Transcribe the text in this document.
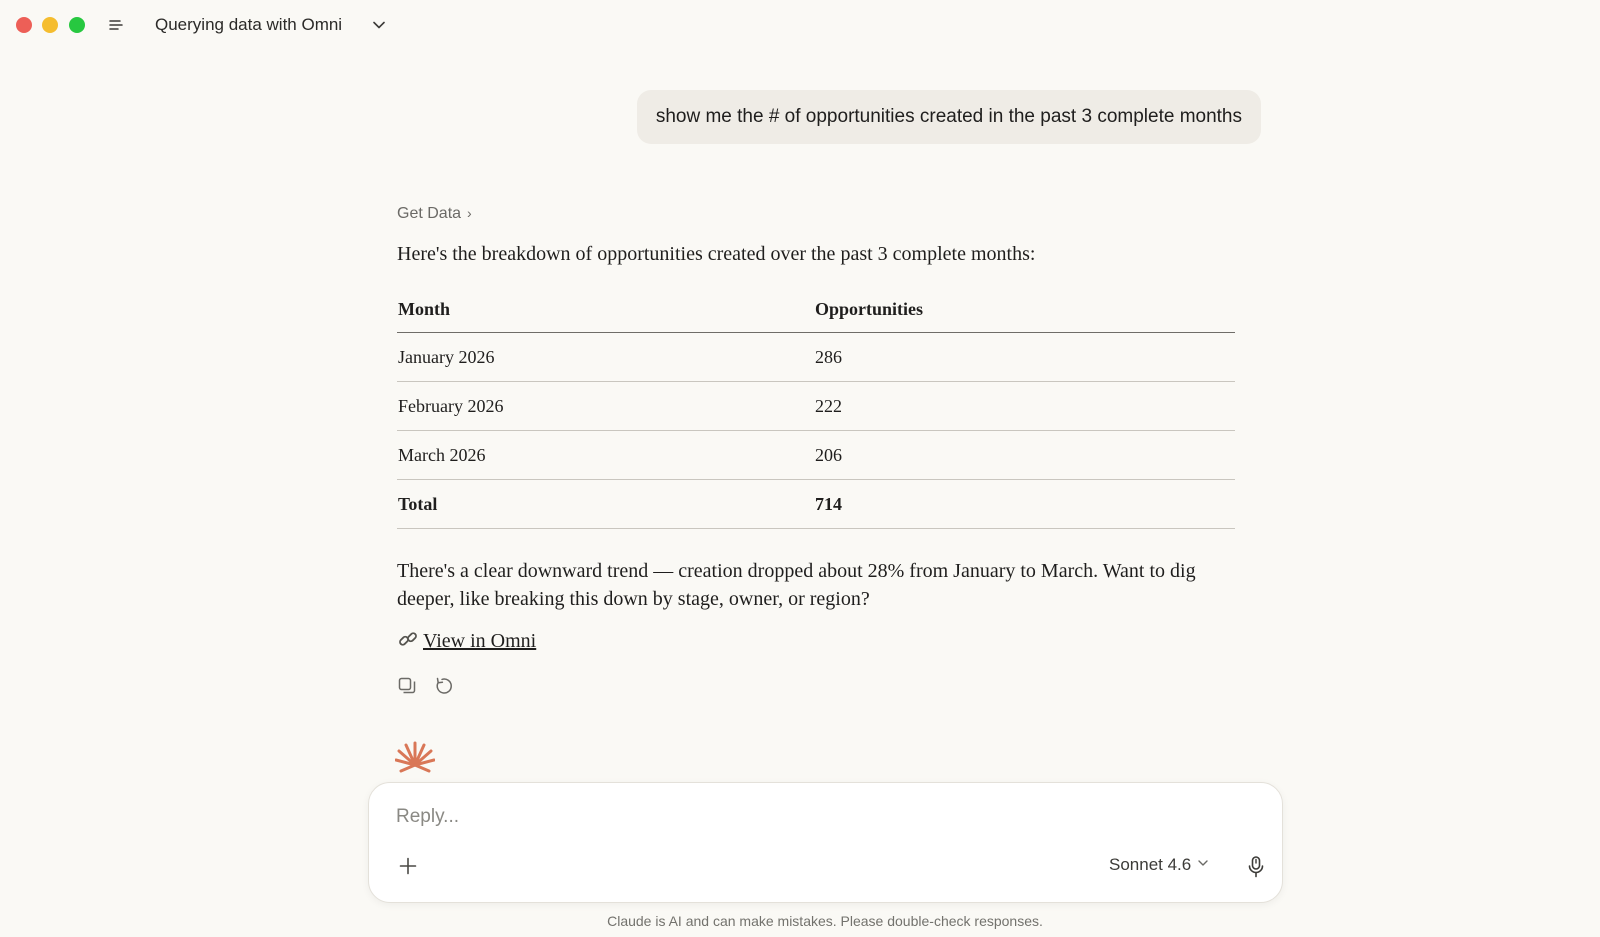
Querying data with Omni
show me the # of opportunities created in the past 3 complete months
Get Data ›
Here's the breakdown of opportunities created over the past 3 complete months:
Month	Opportunities
January 2026	286
February 2026	222
March 2026	206
Total	714
There's a clear downward trend — creation dropped about 28% from January to March. Want to dig deeper, like breaking this down by stage, owner, or region?
View in Omni
Reply...
Sonnet 4.6
Claude is AI and can make mistakes. Please double-check responses.
